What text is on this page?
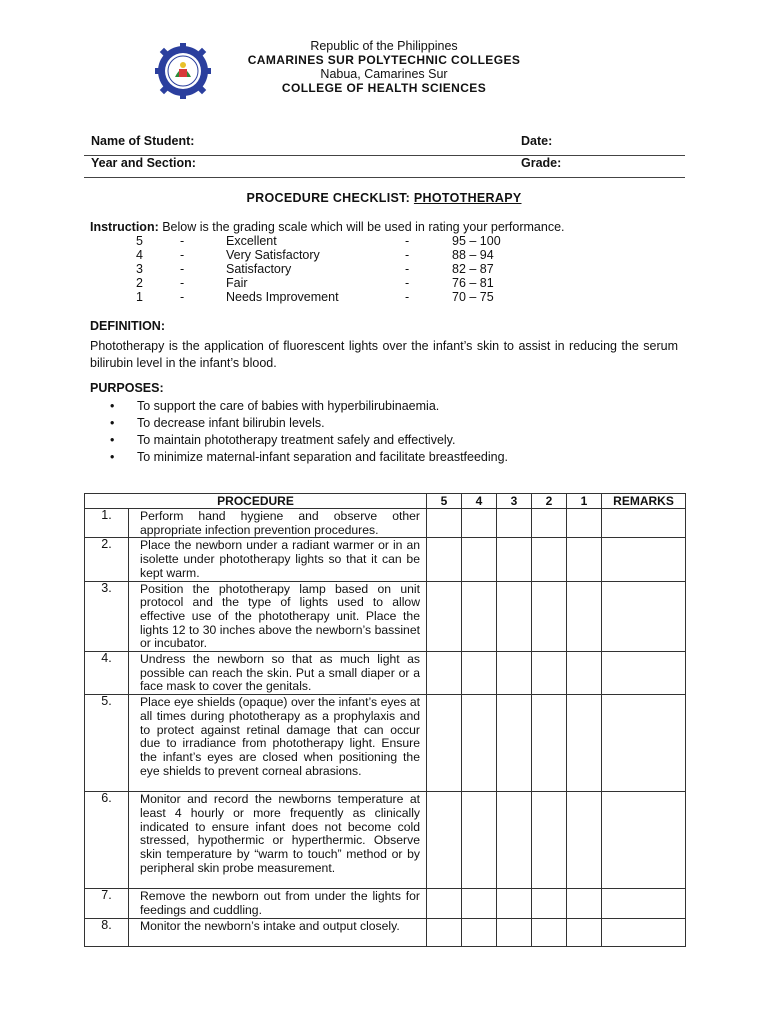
Republic of the Philippines
CAMARINES SUR POLYTECHNIC COLLEGES
Nabua, Camarines Sur
COLLEGE OF HEALTH SCIENCES
Name of Student:	Date:
Year and Section:	Grade:
PROCEDURE CHECKLIST: PHOTOTHERAPY
Instruction: Below is the grading scale which will be used in rating your performance.
5	-	Excellent	-	95 – 100
4	-	Very Satisfactory	-	88 – 94
3	-	Satisfactory	-	82 – 87
2	-	Fair	-	76 – 81
1	-	Needs Improvement	-	70 – 75
DEFINITION:
Phototherapy is the application of fluorescent lights over the infant’s skin to assist in reducing the serum bilirubin level in the infant’s blood.
PURPOSES:
• To support the care of babies with hyperbilirubinaemia.
• To decrease infant bilirubin levels.
• To maintain phototherapy treatment safely and effectively.
• To minimize maternal-infant separation and facilitate breastfeeding.
PROCEDURE		5	4	3	2	1	REMARKS
1.	Perform hand hygiene and observe other appropriate infection prevention procedures.						
2.	Place the newborn under a radiant warmer or in an isolette under phototherapy lights so that it can be kept warm.						
3.	Position the phototherapy lamp based on unit protocol and the type of lights used to allow effective use of the phototherapy unit. Place the lights 12 to 30 inches above the newborn’s bassinet or incubator.						
4.	Undress the newborn so that as much light as possible can reach the skin. Put a small diaper or a face mask to cover the genitals.						
5.	Place eye shields (opaque) over the infant’s eyes at all times during phototherapy as a prophylaxis and to protect against retinal damage that can occur due to irradiance from phototherapy light. Ensure the infant’s eyes are closed when positioning the eye shields to prevent corneal abrasions.						
6.	Monitor and record the newborns temperature at least 4 hourly or more frequently as clinically indicated to ensure infant does not become cold stressed, hypothermic or hyperthermic. Observe skin temperature by “warm to touch” method or by peripheral skin probe measurement.						
7.	Remove the newborn out from under the lights for feedings and cuddling.						
8.	Monitor the newborn’s intake and output closely.						
